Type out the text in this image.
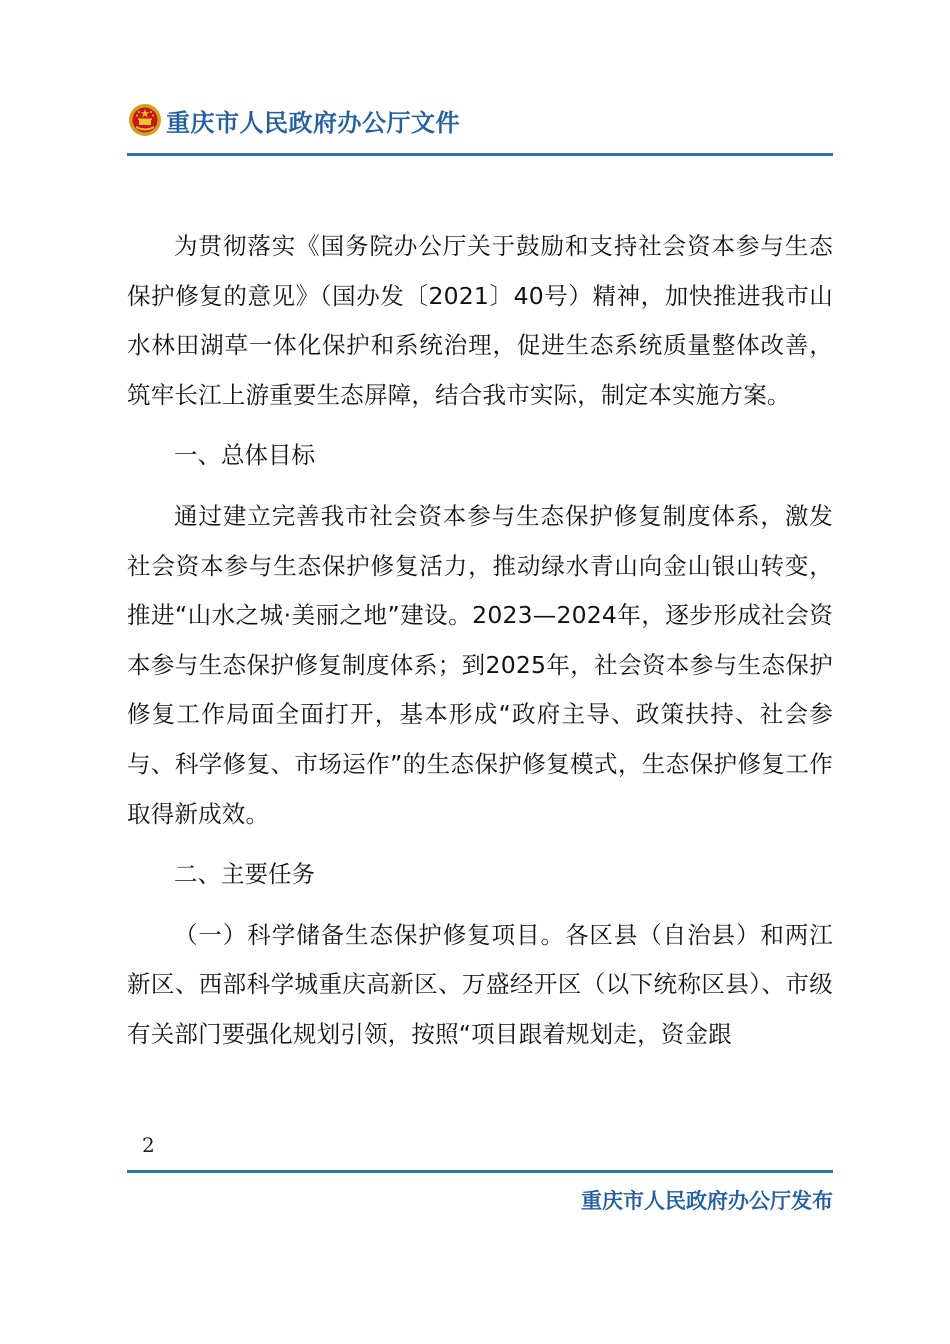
重庆市人民政府办公厅文件

为贯彻落实《国务院办公厅关于鼓励和支持社会资本参与生态保护修复的意见》（国办发〔2021〕40号）精神，加快推进我市山水林田湖草一体化保护和系统治理，促进生态系统质量整体改善，筑牢长江上游重要生态屏障，结合我市实际，制定本实施方案。

一、总体目标

通过建立完善我市社会资本参与生态保护修复制度体系，激发社会资本参与生态保护修复活力，推动绿水青山向金山银山转变，推进“山水之城·美丽之地”建设。2023—2024年，逐步形成社会资本参与生态保护修复制度体系；到2025年，社会资本参与生态保护修复工作局面全面打开，基本形成“政府主导、政策扶持、社会参与、科学修复、市场运作”的生态保护修复模式，生态保护修复工作取得新成效。

二、主要任务

（一）科学储备生态保护修复项目。各区县（自治县）和两江新区、西部科学城重庆高新区、万盛经开区（以下统称区县）、市级有关部门要强化规划引领，按照“项目跟着规划走，资金跟

2
重庆市人民政府办公厅发布
